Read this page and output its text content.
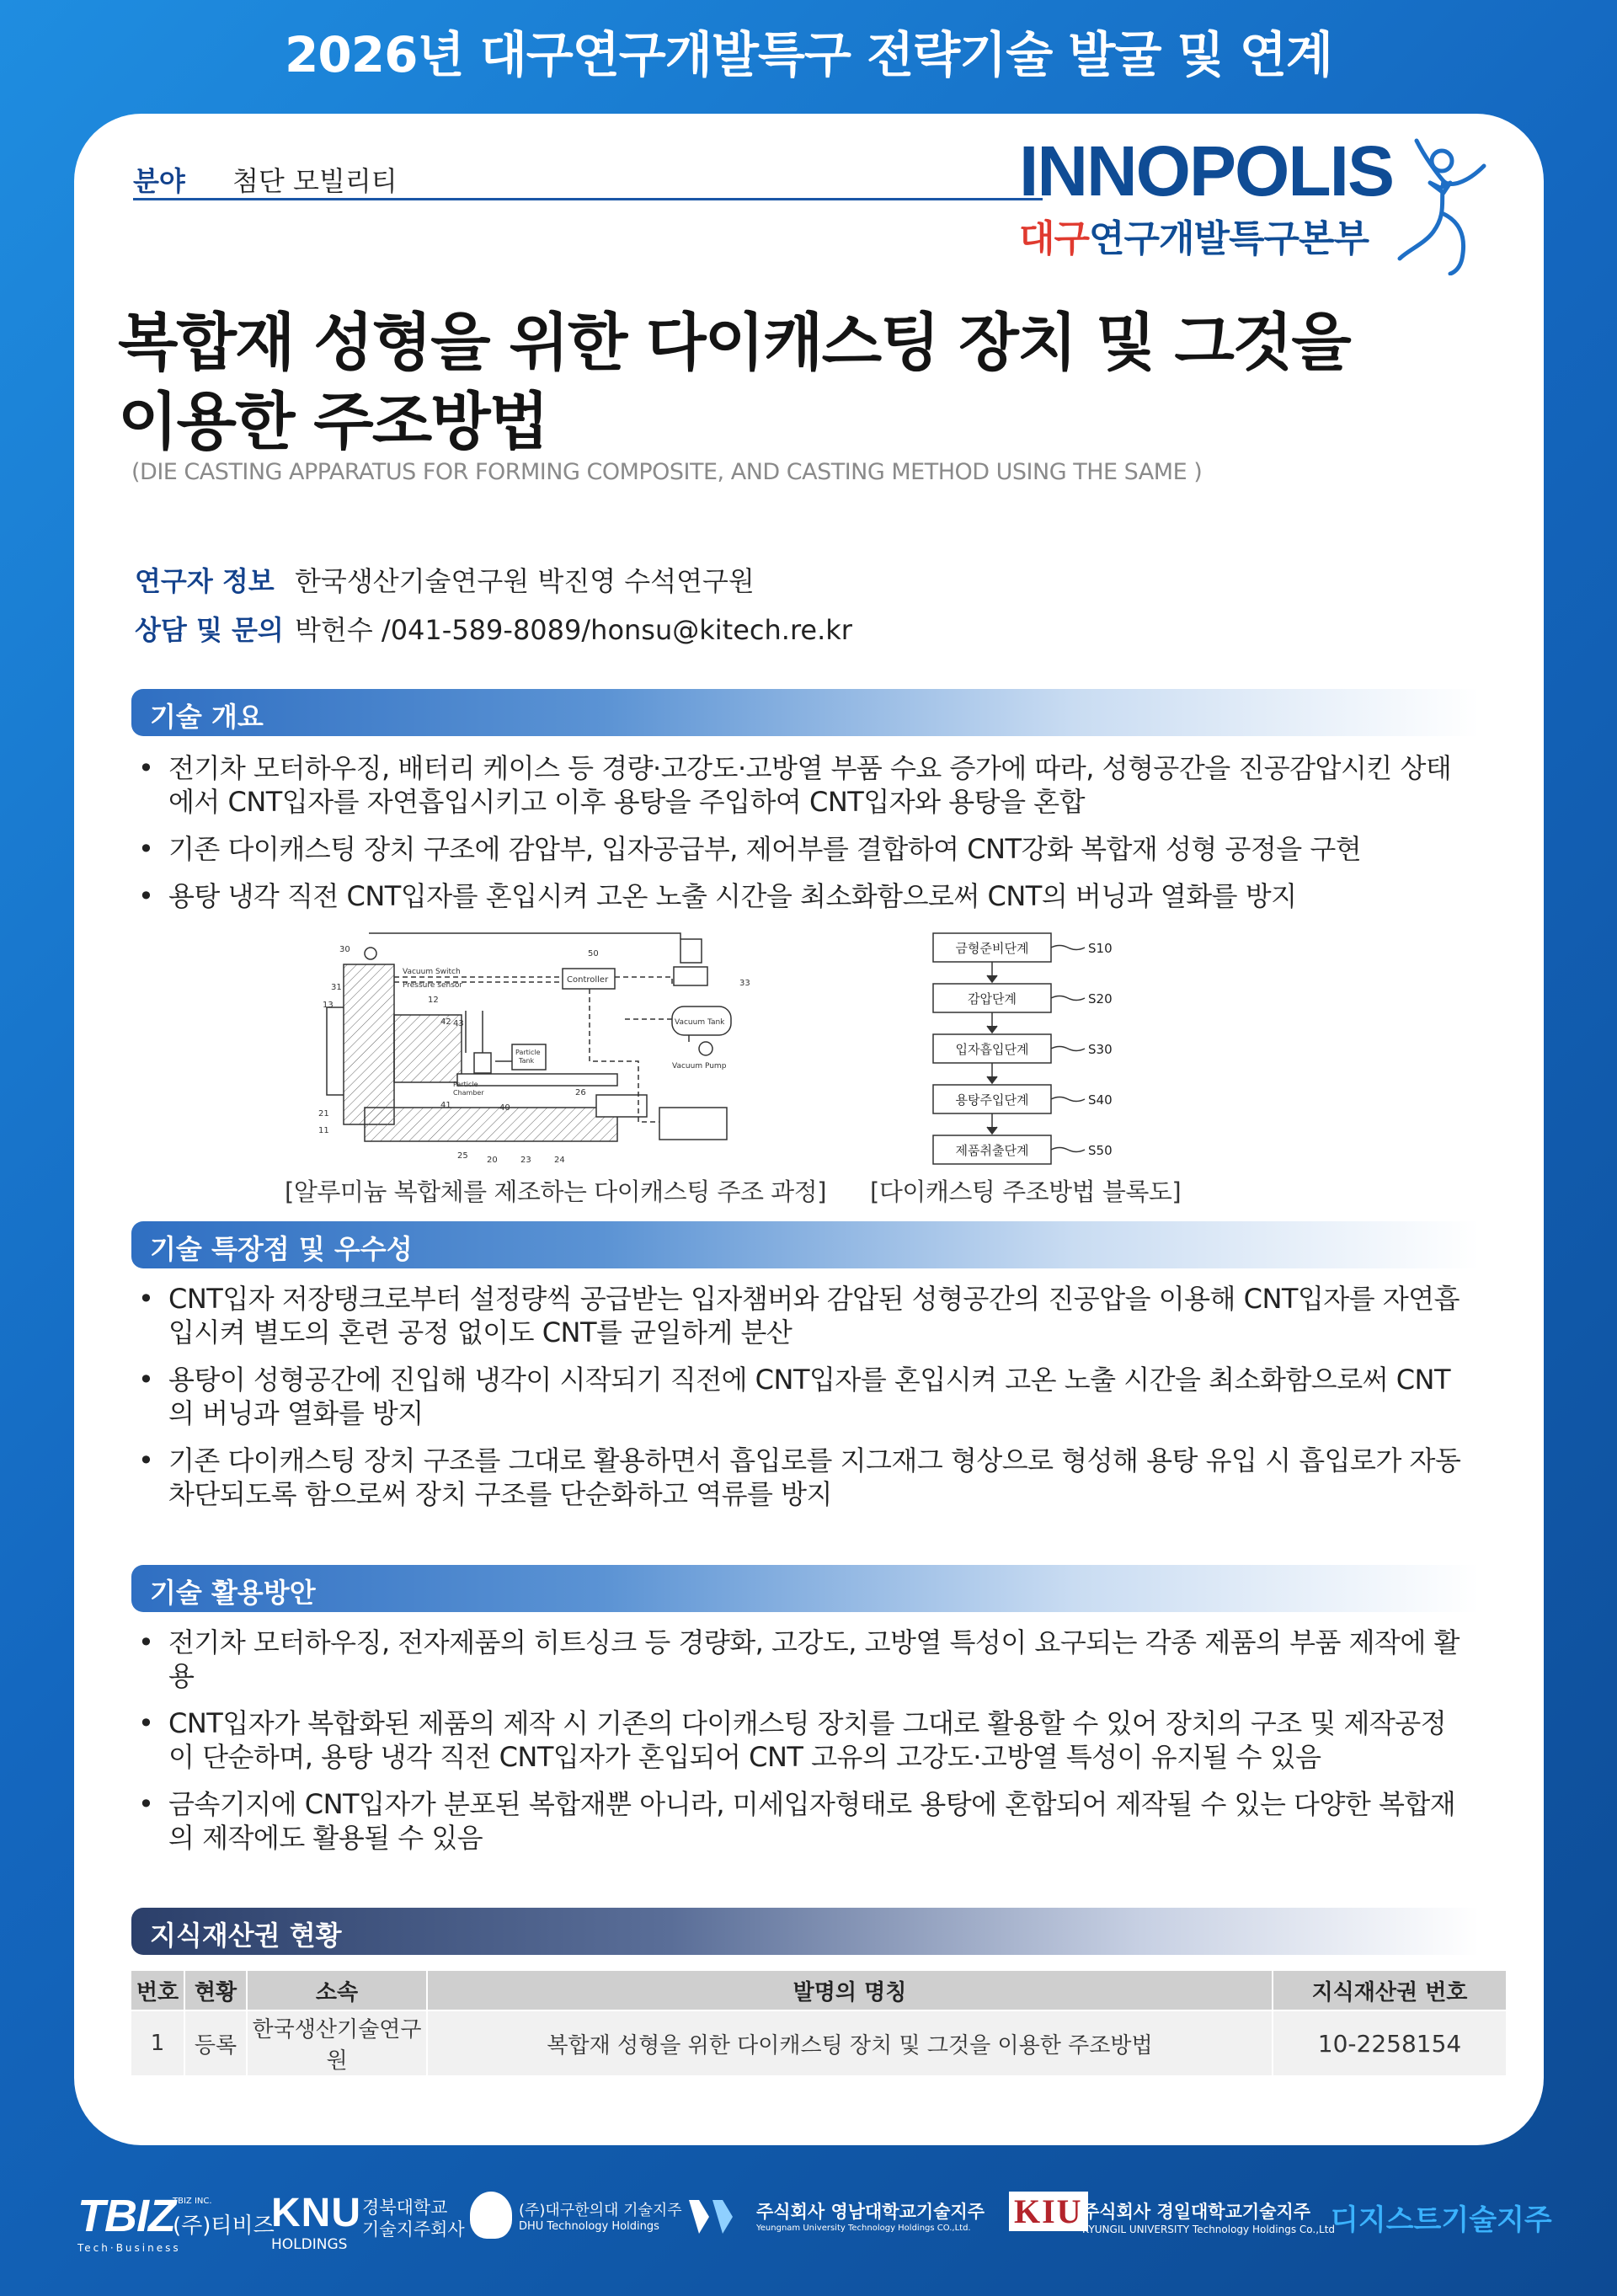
2026년 대구연구개발특구 전략기술 발굴 및 연계
분야 첨단 모빌리티	INNOPOLIS
대구연구개발특구본부
복합재 성형을 위한 다이캐스팅 장치 및 그것을
이용한 주조방법
(DIE CASTING APPARATUS FOR FORMING COMPOSITE, AND CASTING METHOD USING THE SAME )
연구자 정보 한국생산기술연구원 박진영 수석연구원
상담 및 문의 박헌수 /041-589-8089/honsu@kitech.re.kr
기술 개요
• 전기차 모터하우징, 배터리 케이스 등 경량·고강도·고방열 부품 수요 증가에 따라, 성형공간을 진공감압시킨 상태에서 CNT입자를 자연흡입시키고 이후 용탕을 주입하여 CNT입자와 용탕을 혼합
• 기존 다이캐스팅 장치 구조에 감압부, 입자공급부, 제어부를 결합하여 CNT강화 복합재 성형 공정을 구현
• 용탕 냉각 직전 CNT입자를 혼입시켜 고온 노출 시간을 최소화함으로써 CNT의 버닝과 열화를 방지
30	50
33
Controller
Vacuum Tank
Vacuum Pump
Vacuum Switch
Pressure sensor
Particle
Tank
Particle
Chamber
31
12
13
42 43
26
21
11
41	40
25 20	23	24
[알루미늄 복합체를 제조하는 다이캐스팅 주조 과정]
금형준비단계
감압단계
입자흡입단계
용탕주입단계
제품취출단계
S10
S20
S30
S40
S50
[다이캐스팅 주조방법 블록도]
기술 특장점 및 우수성
• CNT입자 저장탱크로부터 설정량씩 공급받는 입자챔버와 감압된 성형공간의 진공압을 이용해 CNT입자를 자연흡입시켜 별도의 혼련 공정 없이도 CNT를 균일하게 분산
• 용탕이 성형공간에 진입해 냉각이 시작되기 직전에 CNT입자를 혼입시켜 고온 노출 시간을 최소화함으로써 CNT의 버닝과 열화를 방지
• 기존 다이캐스팅 장치 구조를 그대로 활용하면서 흡입로를 지그재그 형상으로 형성해 용탕 유입 시 흡입로가 자동 차단되도록 함으로써 장치 구조를 단순화하고 역류를 방지
기술 활용방안
• 전기차 모터하우징, 전자제품의 히트싱크 등 경량화, 고강도, 고방열 특성이 요구되는 각종 제품의 부품 제작에 활용
• CNT입자가 복합화된 제품의 제작 시 기존의 다이캐스팅 장치를 그대로 활용할 수 있어 장치의 구조 및 제작공정이 단순하며, 용탕 냉각 직전 CNT입자가 혼입되어 CNT 고유의 고강도·고방열 특성이 유지될 수 있음
• 금속기지에 CNT입자가 분포된 복합재뿐 아니라, 미세입자형태로 용탕에 혼합되어 제작될 수 있는 다양한 복합재의 제작에도 활용될 수 있음
지식재산권 현황
번호	현황	소속	발명의 명칭	지식재산권 번호
1	등록	한국생산기술연구원	복합재 성형을 위한 다이캐스팅 장치 및 그것을 이용한 주조방법	10-2258154
TBIZ
Tech·Business
TBIZ INC.
(주)티비즈
KNU
HOLDINGS
경북대학교
기술지주회사
(주)대구한의대 기술지주
DHU Technology Holdings
주식회사 영남대학교기술지주
Yeungnam University Technology Holdings CO.,Ltd. KIU 주식회사 경일대학교기술지주
KYUNGIL UNIVERSITY Technology Holdings Co.,Ltd
디지스트기술지주
